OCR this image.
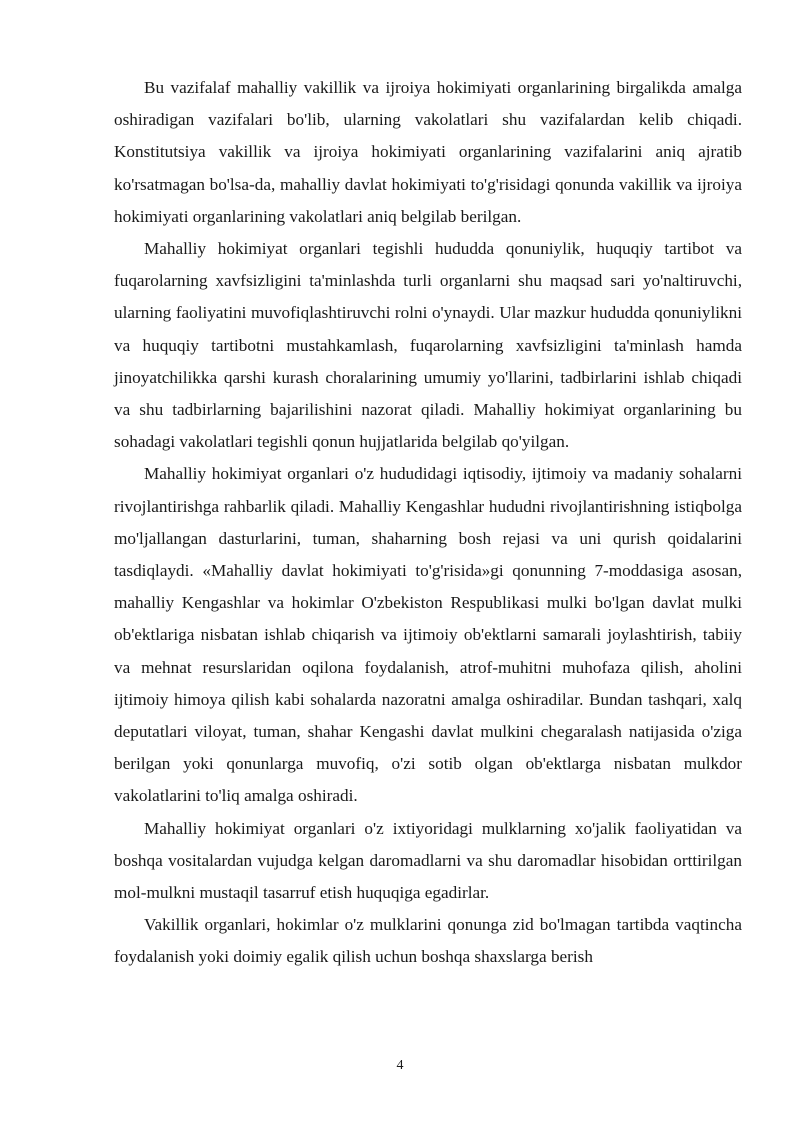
Bu vazifalaf mahalliy vakillik va ijroiya hokimiyati organlarining birgalikda amalga oshiradigan vazifalari bo'lib, ularning vakolatlari shu vazifalardan kelib chiqadi. Konstitutsiya vakillik va ijroiya hokimiyati organlarining vazifalarini aniq ajratib ko'rsatmagan bo'lsa-da, mahalliy davlat hokimiyati to'g'risidagi qonunda vakillik va ijroiya hokimiyati organlarining vakolatlari aniq belgilab berilgan.

Mahalliy hokimiyat organlari tegishli hududda qonuniylik, huquqiy tartibot va fuqarolarning xavfsizligini ta'minlashda turli organlarni shu maqsad sari yo'naltiruvchi, ularning faoliyatini muvofiqlashtiruvchi rolni o'ynaydi. Ular mazkur hududda qonuniylikni va huquqiy tartibotni mustahkamlash, fuqarolarning xavfsizligini ta'minlash hamda jinoyatchilikka qarshi kurash choralarining umumiy yo'llarini, tadbirlarini ishlab chiqadi va shu tadbirlarning bajarilishini nazorat qiladi. Mahalliy hokimiyat organlarining bu sohadagi vakolatlari tegishli qonun hujjatlarida belgilab qo'yilgan.

Mahalliy hokimiyat organlari o'z hududidagi iqtisodiy, ijtimoiy va madaniy sohalarni rivojlantirishga rahbarlik qiladi. Mahalliy Kengashlar hududni rivojlantirishning istiqbolga mo'ljallangan dasturlarini, tuman, shaharning bosh rejasi va uni qurish qoidalarini tasdiqlaydi. «Mahalliy davlat hokimiyati to'g'risida»gi qonunning 7-moddasiga asosan, mahalliy Kengashlar va hokimlar O'zbekiston Respublikasi mulki bo'lgan davlat mulki ob'ektlariga nisbatan ishlab chiqarish va ijtimoiy ob'ektlarni samarali joylashtirish, tabiiy va mehnat resurslaridan oqilona foydalanish, atrof-muhitni muhofaza qilish, aholini ijtimoiy himoya qilish kabi sohalarda nazoratni amalga oshiradilar. Bundan tashqari, xalq deputatlari viloyat, tuman, shahar Kengashi davlat mulkini chegaralash natijasida o'ziga berilgan yoki qonunlarga muvofiq, o'zi sotib olgan ob'ektlarga nisbatan mulkdor vakolatlarini to'liq amalga oshiradi.

Mahalliy hokimiyat organlari o'z ixtiyoridagi mulklarning xo'jalik faoliyatidan va boshqa vositalardan vujudga kelgan daromadlarni va shu daromadlar hisobidan orttirilgan mol-mulkni mustaqil tasarruf etish huquqiga egadirlar.

Vakillik organlari, hokimlar o'z mulklarini qonunga zid bo'lmagan tartibda vaqtincha foydalanish yoki doimiy egalik qilish uchun boshqa shaxslarga berish

4
